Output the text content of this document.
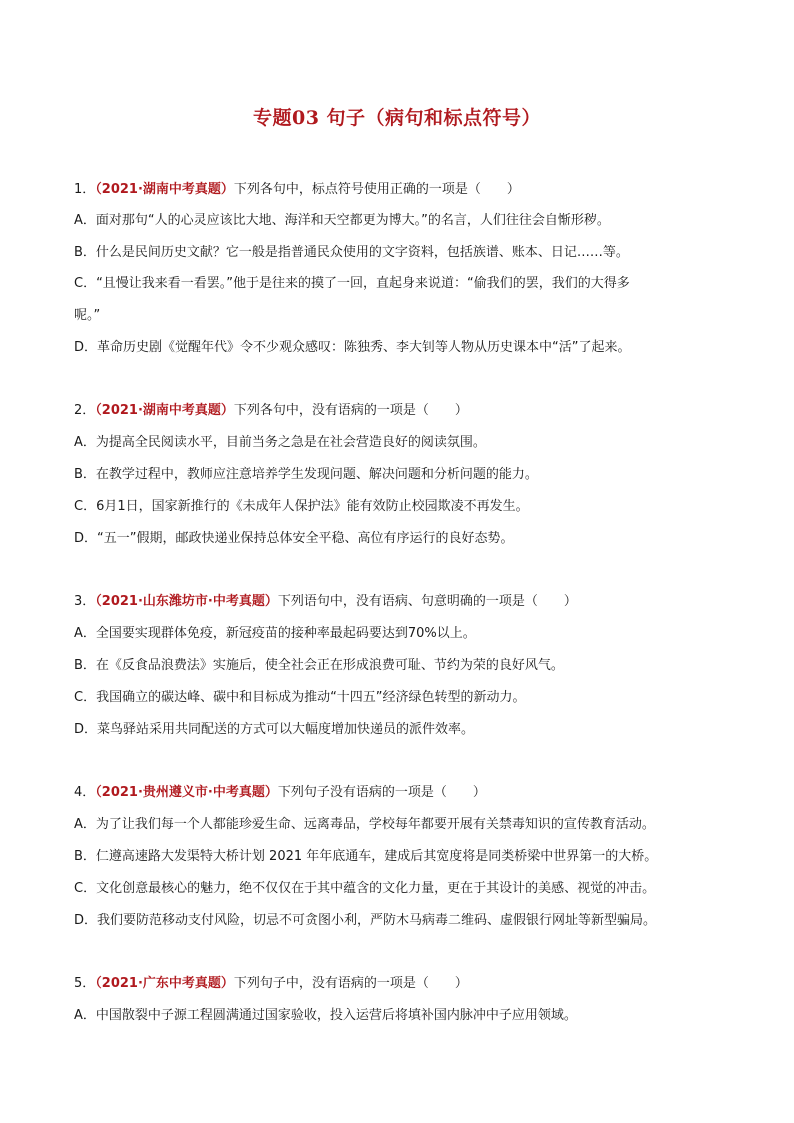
专题03 句子（病句和标点符号）
1．（2021·湖南中考真题）下列各句中，标点符号使用正确的一项是（　　）
A．面对那句“人的心灵应该比大地、海洋和天空都更为博大。”的名言，人们往往会自惭形秽。
B．什么是民间历史文献？它一般是指普通民众使用的文字资料，包括族谱、账本、日记……等。
C．“且慢让我来看一看罢。”他于是往来的摸了一回，直起身来说道：“偷我们的罢，我们的大得多
呢。”
D．革命历史剧《觉醒年代》令不少观众感叹：陈独秀、李大钊等人物从历史课本中“活”了起来。
2．（2021·湖南中考真题）下列各句中，没有语病的一项是（　　）
A．为提高全民阅读水平，目前当务之急是在社会营造良好的阅读氛围。
B．在教学过程中，教师应注意培养学生发现问题、解决问题和分析问题的能力。
C．6月1日，国家新推行的《未成年人保护法》能有效防止校园欺凌不再发生。
D．“五一”假期，邮政快递业保持总体安全平稳、高位有序运行的良好态势。
3．（2021·山东潍坊市·中考真题）下列语句中，没有语病、句意明确的一项是（　　）
A．全国要实现群体免疫，新冠疫苗的接种率最起码要达到70%以上。
B．在《反食品浪费法》实施后，使全社会正在形成浪费可耻、节约为荣的良好风气。
C．我国确立的碳达峰、碳中和目标成为推动“十四五”经济绿色转型的新动力。
D．菜鸟驿站采用共同配送的方式可以大幅度增加快递员的派件效率。
4．（2021·贵州遵义市·中考真题）下列句子没有语病的一项是（　　）
A．为了让我们每一个人都能珍爱生命、远离毒品，学校每年都要开展有关禁毒知识的宣传教育活动。
B．仁遵高速路大发渠特大桥计划 2021 年年底通车，建成后其宽度将是同类桥梁中世界第一的大桥。
C．文化创意最核心的魅力，绝不仅仅在于其中蕴含的文化力量，更在于其设计的美感、视觉的冲击。
D．我们要防范移动支付风险，切忌不可贪图小利，严防木马病毒二维码、虚假银行网址等新型骗局。
5．（2021·广东中考真题）下列句子中，没有语病的一项是（　　）
A．中国散裂中子源工程圆满通过国家验收，投入运营后将填补国内脉冲中子应用领域。
